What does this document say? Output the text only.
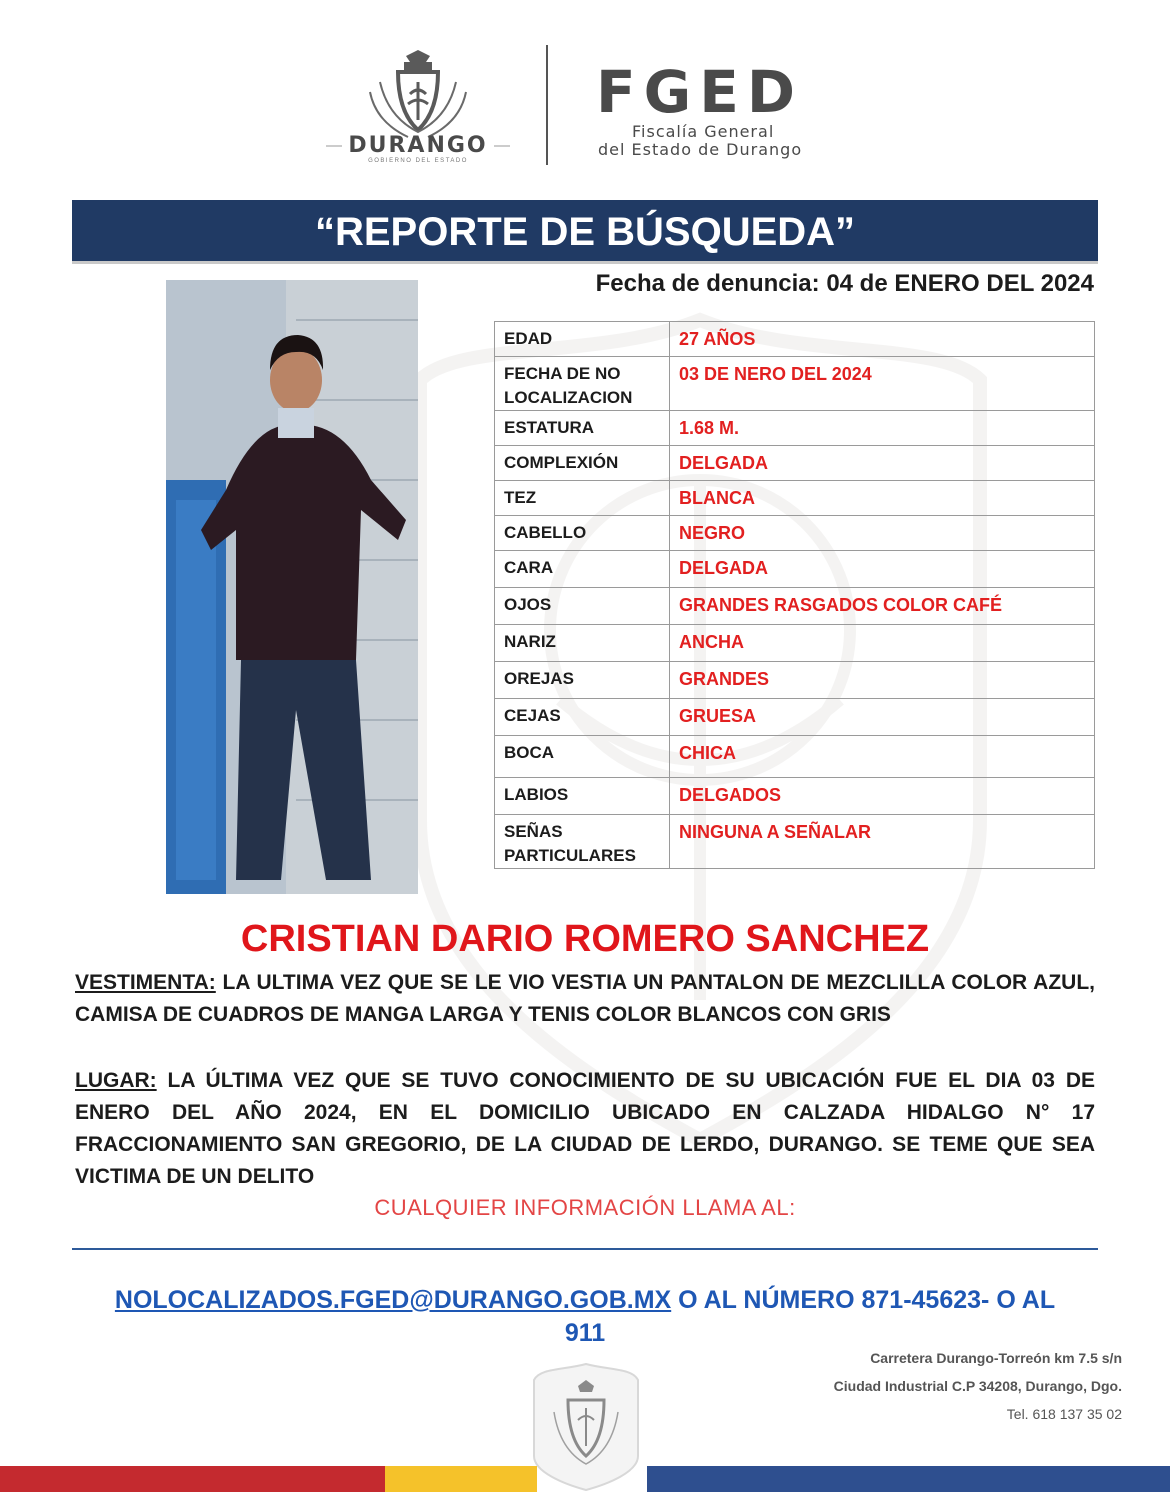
DURANGO
GOBIERNO DEL ESTADO
FGED
Fiscalía General
del Estado de Durango
“REPORTE DE BÚSQUEDA”
Fecha de denuncia: 04 de ENERO DEL 2024
EDAD	27 AÑOS
FECHA DE NO LOCALIZACION	03 DE NERO DEL 2024
ESTATURA	1.68 M.
COMPLEXIÓN	DELGADA
TEZ	BLANCA
CABELLO	NEGRO
CARA	DELGADA
OJOS	GRANDES RASGADOS COLOR CAFÉ
NARIZ	ANCHA
OREJAS	GRANDES
CEJAS	GRUESA
BOCA	CHICA
LABIOS	DELGADOS
SEÑAS PARTICULARES	NINGUNA A SEÑALAR
CRISTIAN DARIO ROMERO SANCHEZ
VESTIMENTA: LA ULTIMA VEZ QUE SE LE VIO VESTIA UN PANTALON DE MEZCLILLA COLOR AZUL, CAMISA DE CUADROS DE MANGA LARGA Y TENIS COLOR BLANCOS CON GRIS
LUGAR: LA ÚLTIMA VEZ QUE SE TUVO CONOCIMIENTO DE SU UBICACIÓN FUE EL DIA 03 DE ENERO DEL AÑO 2024, EN EL DOMICILIO UBICADO EN CALZADA HIDALGO N° 17 FRACCIONAMIENTO SAN GREGORIO, DE LA CIUDAD DE LERDO, DURANGO. SE TEME QUE SEA VICTIMA DE UN DELITO
CUALQUIER INFORMACIÓN LLAMA AL:
NOLOCALIZADOS.FGED@DURANGO.GOB.MX O AL NÚMERO 871-45623- O AL
911
Carretera Durango-Torreón km 7.5 s/n
Ciudad Industrial C.P 34208, Durango, Dgo.
Tel. 618 137 35 02
